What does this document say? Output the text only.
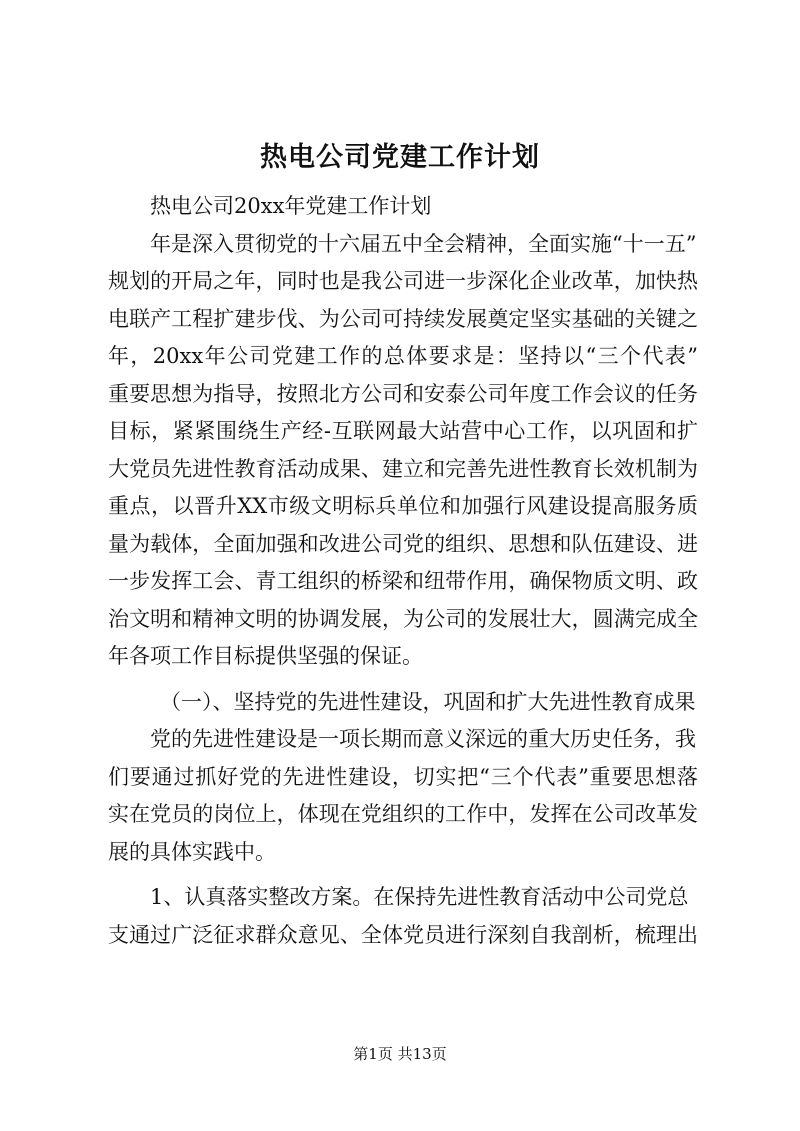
热电公司党建工作计划
热电公司20xx年党建工作计划
年是深入贯彻党的十六届五中全会精神，全面实施“十一五”
规划的开局之年，同时也是我公司进一步深化企业改革，加快热
电联产工程扩建步伐、为公司可持续发展奠定坚实基础的关键之
年，20xx年公司党建工作的总体要求是：坚持以“三个代表”
重要思想为指导，按照北方公司和安泰公司年度工作会议的任务
目标，紧紧围绕生产经-互联网最大站营中心工作，以巩固和扩
大党员先进性教育活动成果、建立和完善先进性教育长效机制为
重点，以晋升XX市级文明标兵单位和加强行风建设提高服务质
量为载体，全面加强和改进公司党的组织、思想和队伍建设、进
一步发挥工会、青工组织的桥梁和纽带作用，确保物质文明、政
治文明和精神文明的协调发展，为公司的发展壮大，圆满完成全
年各项工作目标提供坚强的保证。
（一）、坚持党的先进性建设，巩固和扩大先进性教育成果
党的先进性建设是一项长期而意义深远的重大历史任务，我
们要通过抓好党的先进性建设，切实把“三个代表”重要思想落
实在党员的岗位上，体现在党组织的工作中，发挥在公司改革发
展的具体实践中。
1、认真落实整改方案。在保持先进性教育活动中公司党总
支通过广泛征求群众意见、全体党员进行深刻自我剖析，梳理出
第1页 共13页
